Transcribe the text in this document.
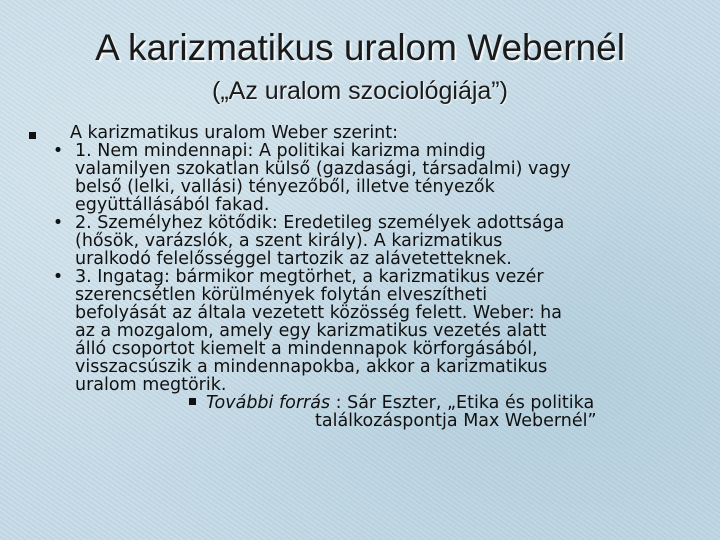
A karizmatikus uralom Webernél
(„Az uralom szociológiája”)
A karizmatikus uralom Weber szerint:
• 1. Nem mindennapi: A politikai karizma mindig
valamilyen szokatlan külső (gazdasági, társadalmi) vagy
belső (lelki, vallási) tényezőből, illetve tényezők
együttállásából fakad.
• 2. Személyhez kötődik: Eredetileg személyek adottsága
(hősök, varázslók, a szent király). A karizmatikus
uralkodó felelősséggel tartozik az alávetetteknek.
• 3. Ingatag: bármikor megtörhet, a karizmatikus vezér
szerencsétlen körülmények folytán elveszítheti
befolyását az általa vezetett közösség felett. Weber: ha
az a mozgalom, amely egy karizmatikus vezetés alatt
álló csoportot kiemelt a mindennapok körforgásából,
visszacsúszik a mindennapokba, akkor a karizmatikus
uralom megtörik.
További forrás : Sár Eszter, „Etika és politika
találkozáspontja Max Webernél”
